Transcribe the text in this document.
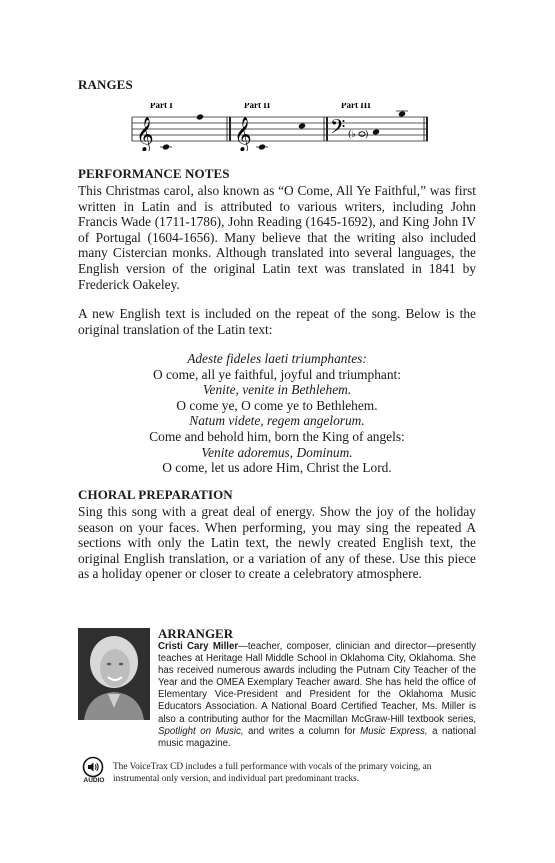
RANGES
Part I	Part II	Part III
𝄞	𝄞	𝄢 (♭ )
PERFORMANCE NOTES
This Christmas carol, also known as “O Come, All Ye Faithful,” was first written in Latin and is attributed to various writers, including John Francis Wade (1711-1786), John Reading (1645-1692), and King John IV of Portugal (1604-1656). Many believe that the writing also included many Cistercian monks. Although translated into several languages, the English version of the original Latin text was translated in 1841 by Frederick Oakeley.
A new English text is included on the repeat of the song. Below is the original translation of the Latin text:
Adeste fideles laeti triumphantes:
O come, all ye faithful, joyful and triumphant:
Venite, venite in Bethlehem.
O come ye, O come ye to Bethlehem.
Natum videte, regem angelorum.
Come and behold him, born the King of angels:
Venite adoremus, Dominum.
O come, let us adore Him, Christ the Lord.
CHORAL PREPARATION
Sing this song with a great deal of energy. Show the joy of the holiday season on your faces. When performing, you may sing the repeated A sections with only the Latin text, the newly created English text, the original English translation, or a variation of any of these. Use this piece as a holiday opener or closer to create a celebratory atmosphere.
ARRANGER
Cristi Cary Miller—teacher, composer, clinician and director—presently teaches at Heritage Hall Middle School in Oklahoma City, Oklahoma. She has received numerous awards including the Putnam City Teacher of the Year and the OMEA Exemplary Teacher award. She has held the office of Elementary Vice-President and President for the Oklahoma Music Educators Association. A National Board Certified Teacher, Ms. Miller is also a contributing author for the Macmillan McGraw-Hill textbook series, Spotlight on Music, and writes a column for Music Express, a national music magazine.
AUDIO
The VoiceTrax CD includes a full performance with vocals of the primary voicing, an instrumental only version, and individual part predominant tracks.
